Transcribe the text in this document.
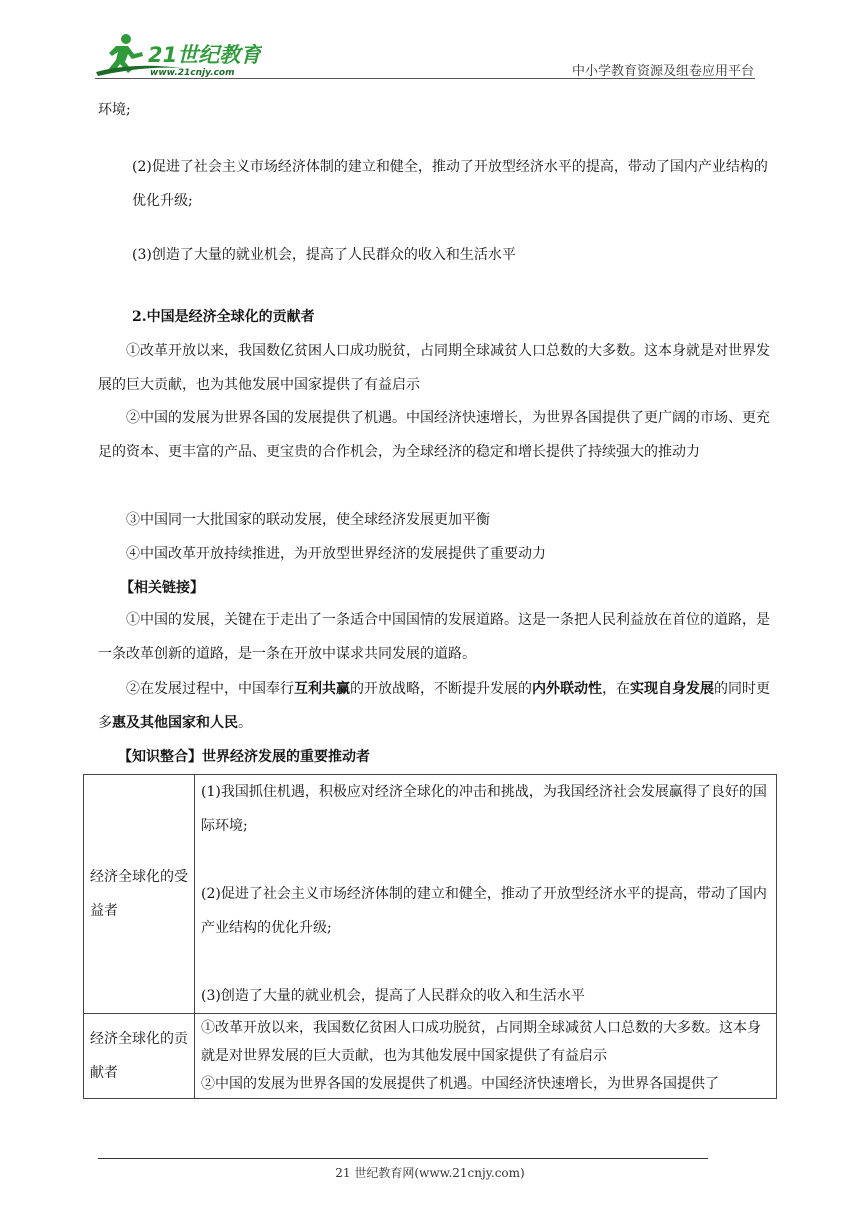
21世纪教育
www.21cnjy.com	中小学教育资源及组卷应用平台
环境;
(2)促进了社会主义市场经济体制的建立和健全，推动了开放型经济水平的提高，带动了国内产业结构的优化升级;
(3)创造了大量的就业机会，提高了人民群众的收入和生活水平
2.中国是经济全球化的贡献者
①改革开放以来，我国数亿贫困人口成功脱贫，占同期全球减贫人口总数的大多数。这本身就是对世界发展的巨大贡献，也为其他发展中国家提供了有益启示
②中国的发展为世界各国的发展提供了机遇。中国经济快速增长，为世界各国提供了更广阔的市场、更充足的资本、更丰富的产品、更宝贵的合作机会，为全球经济的稳定和增长提供了持续强大的推动力
③中国同一大批国家的联动发展，使全球经济发展更加平衡
④中国改革开放持续推进，为开放型世界经济的发展提供了重要动力
【相关链接】
①中国的发展，关键在于走出了一条适合中国国情的发展道路。这是一条把人民利益放在首位的道路，是一条改革创新的道路，是一条在开放中谋求共同发展的道路。
②在发展过程中，中国奉行互利共赢的开放战略，不断提升发展的内外联动性，在实现自身发展的同时更多惠及其他国家和人民。
【知识整合】世界经济发展的重要推动者
经济全球化的受益者	(1)我国抓住机遇，积极应对经济全球化的冲击和挑战，为我国经济社会发展赢得了良好的国际环境;
(2)促进了社会主义市场经济体制的建立和健全，推动了开放型经济水平的提高，带动了国内产业结构的优化升级;
(3)创造了大量的就业机会，提高了人民群众的收入和生活水平

经济全球化的贡献者	①改革开放以来，我国数亿贫困人口成功脱贫，占同期全球减贫人口总数的大多数。这本身就是对世界发展的巨大贡献，也为其他发展中国家提供了有益启示
②中国的发展为世界各国的发展提供了机遇。中国经济快速增长，为世界各国提供了
21 世纪教育网(www.21cnjy.com)
